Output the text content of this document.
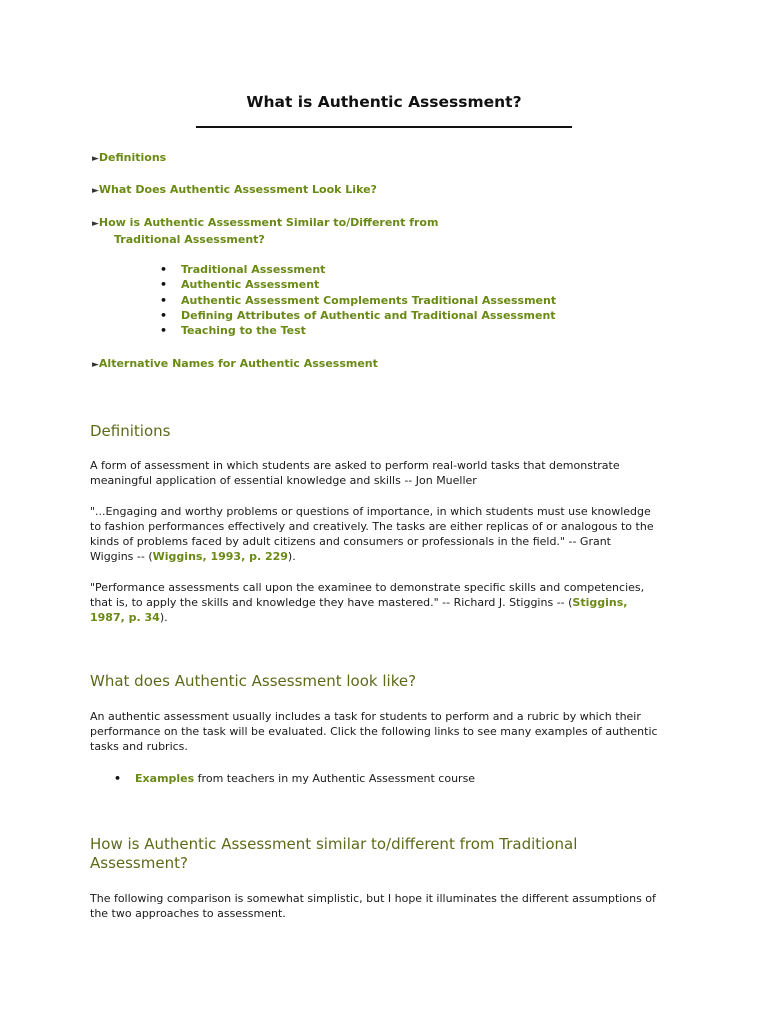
What is Authentic Assessment?
►Definitions
►What Does Authentic Assessment Look Like?
►How is Authentic Assessment Similar to/Different from
Traditional Assessment?
• Traditional Assessment
• Authentic Assessment
• Authentic Assessment Complements Traditional Assessment
• Defining Attributes of Authentic and Traditional Assessment
• Teaching to the Test
►Alternative Names for Authentic Assessment
Definitions
A form of assessment in which students are asked to perform real-world tasks that demonstrate
meaningful application of essential knowledge and skills -- Jon Mueller
"...Engaging and worthy problems or questions of importance, in which students must use knowledge
to fashion performances effectively and creatively. The tasks are either replicas of or analogous to the
kinds of problems faced by adult citizens and consumers or professionals in the field." -- Grant
Wiggins -- (Wiggins, 1993, p. 229).
"Performance assessments call upon the examinee to demonstrate specific skills and competencies,
that is, to apply the skills and knowledge they have mastered." -- Richard J. Stiggins -- (Stiggins,
1987, p. 34).
What does Authentic Assessment look like?
An authentic assessment usually includes a task for students to perform and a rubric by which their
performance on the task will be evaluated. Click the following links to see many examples of authentic
tasks and rubrics.
• Examples from teachers in my Authentic Assessment course
How is Authentic Assessment similar to/different from Traditional
Assessment?
The following comparison is somewhat simplistic, but I hope it illuminates the different assumptions of
the two approaches to assessment.
